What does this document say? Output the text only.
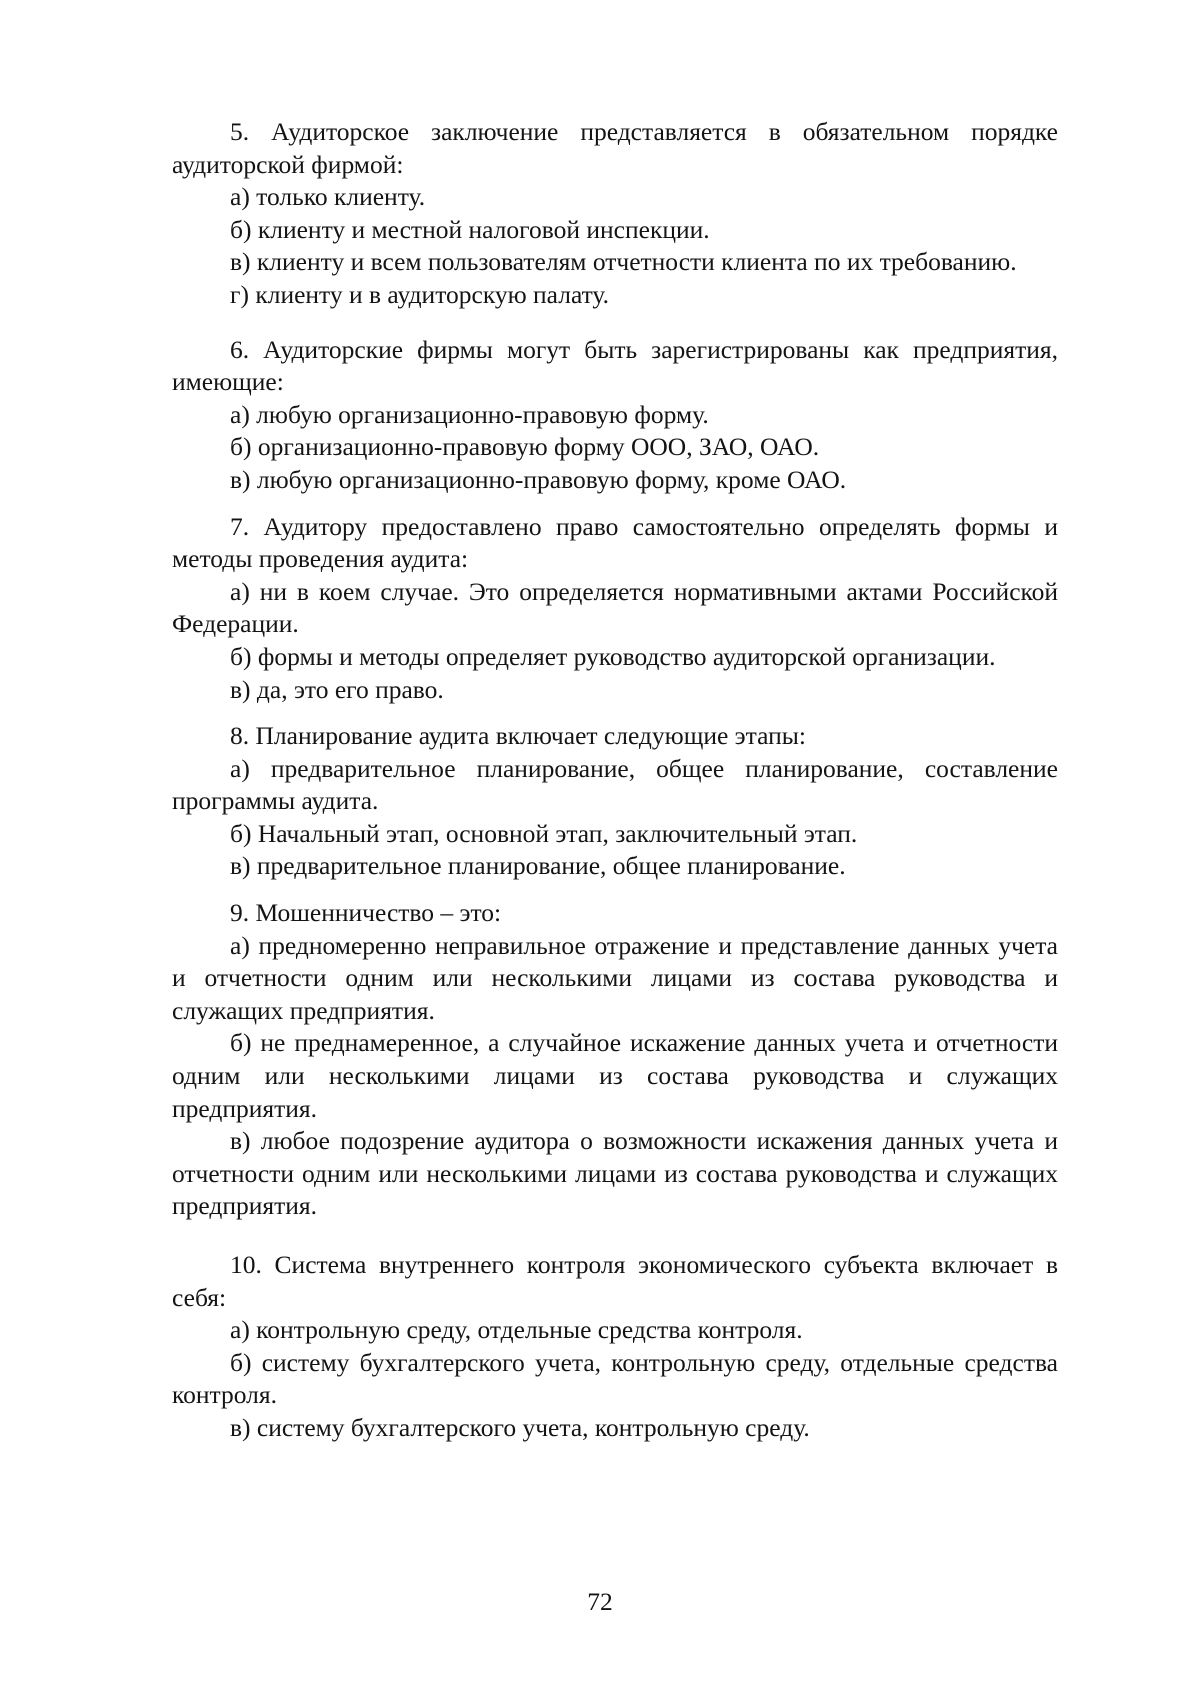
5. Аудиторское заключение представляется в обязательном порядке аудиторской фирмой:

а) только клиенту.

б) клиенту и местной налоговой инспекции.

в) клиенту и всем пользователям отчетности клиента по их требованию.

г) клиенту и в аудиторскую палату.

6. Аудиторские фирмы могут быть зарегистрированы как предприятия, имеющие:

а) любую организационно-правовую форму.

б) организационно-правовую форму ООО, ЗАО, ОАО.

в) любую организационно-правовую форму, кроме ОАО.

7. Аудитору предоставлено право самостоятельно определять формы и методы проведения аудита:

а) ни в коем случае. Это определяется нормативными актами Российской Федерации.

б) формы и методы определяет руководство аудиторской организации.

в) да, это его право.

8. Планирование аудита включает следующие этапы:

а) предварительное планирование, общее планирование, составление программы аудита.

б) Начальный этап, основной этап, заключительный этап.

в) предварительное планирование, общее планирование.

9. Мошенничество – это:

а) предномеренно неправильное отражение и представление данных учета и отчетности одним или несколькими лицами из состава руководства и служащих предприятия.

б) не преднамеренное, а случайное искажение данных учета и отчетности одним или несколькими лицами из состава руководства и служащих предприятия.

в) любое подозрение аудитора о возможности искажения данных учета и отчетности одним или несколькими лицами из состава руководства и служащих предприятия.

10. Система внутреннего контроля экономического субъекта включает в себя:

а) контрольную среду, отдельные средства контроля.

б) систему бухгалтерского учета, контрольную среду, отдельные средства контроля.

в) систему бухгалтерского учета, контрольную среду.

72
